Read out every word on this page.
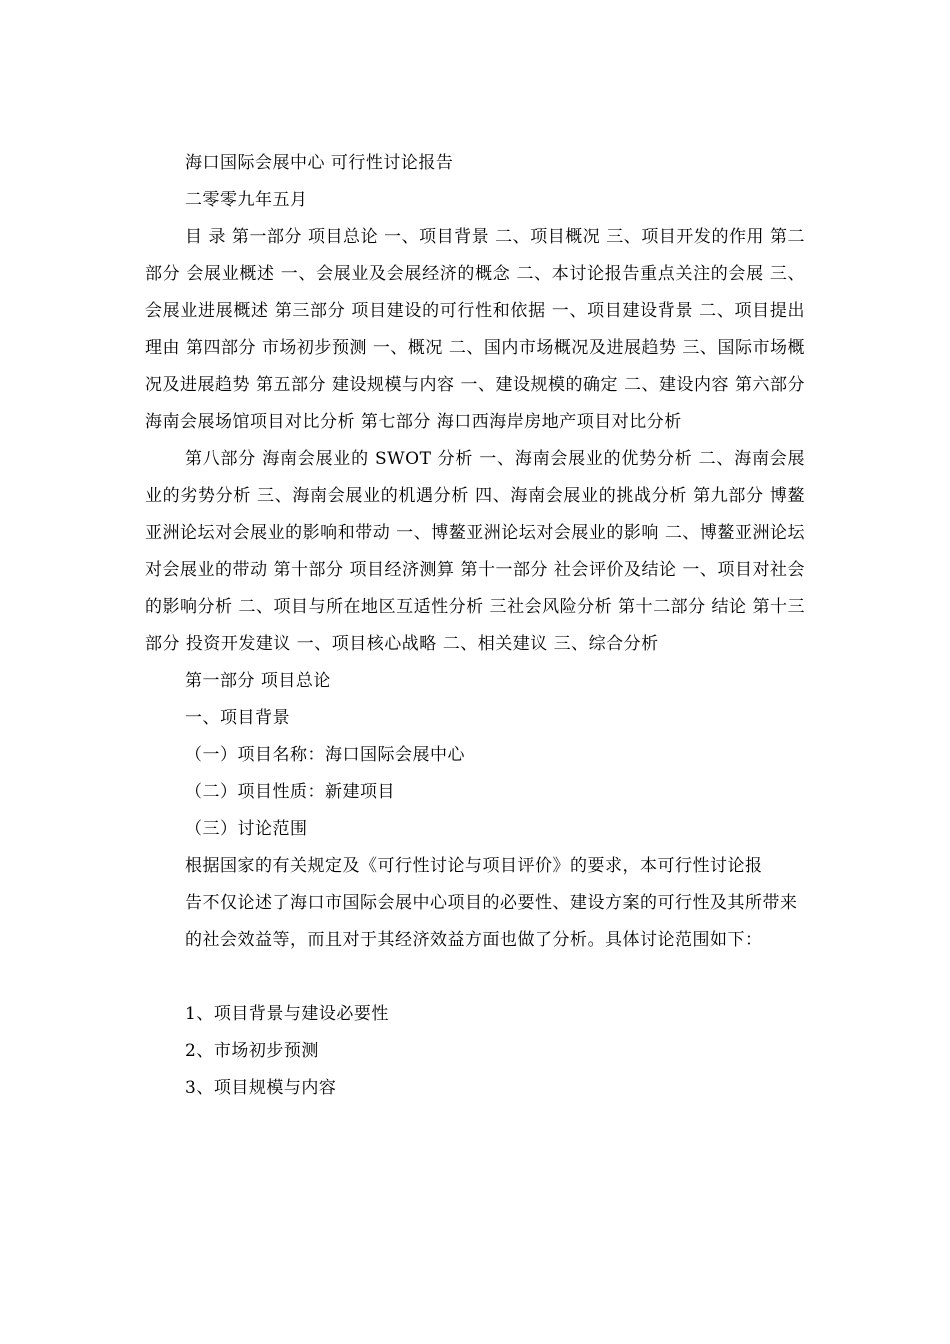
海口国际会展中心 可行性讨论报告

二零零九年五月

目 录 第一部分 项目总论 一、项目背景 二、项目概况 三、项目开发的作用 第二部分 会展业概述 一、会展业及会展经济的概念 二、本讨论报告重点关注的会展 三、会展业进展概述 第三部分 项目建设的可行性和依据 一、项目建设背景 二、项目提出理由 第四部分 市场初步预测 一、概况 二、国内市场概况及进展趋势 三、国际市场概况及进展趋势 第五部分 建设规模与内容 一、建设规模的确定 二、建设内容 第六部分 海南会展场馆项目对比分析 第七部分 海口西海岸房地产项目对比分析

第八部分 海南会展业的 SWOT 分析 一、海南会展业的优势分析 二、海南会展业的劣势分析 三、海南会展业的机遇分析 四、海南会展业的挑战分析 第九部分 博鳌亚洲论坛对会展业的影响和带动 一、博鳌亚洲论坛对会展业的影响 二、博鳌亚洲论坛对会展业的带动 第十部分 项目经济测算 第十一部分 社会评价及结论 一、项目对社会的影响分析 二、项目与所在地区互适性分析 三社会风险分析 第十二部分 结论 第十三部分 投资开发建议 一、项目核心战略 二、相关建议 三、综合分析

第一部分 项目总论

一、项目背景

（一）项目名称：海口国际会展中心

（二）项目性质：新建项目

（三）讨论范围

根据国家的有关规定及《可行性讨论与项目评价》的要求，本可行性讨论报

告不仅论述了海口市国际会展中心项目的必要性、建设方案的可行性及其所带来

的社会效益等，而且对于其经济效益方面也做了分析。具体讨论范围如下：

1、项目背景与建设必要性

2、市场初步预测

3、项目规模与内容
